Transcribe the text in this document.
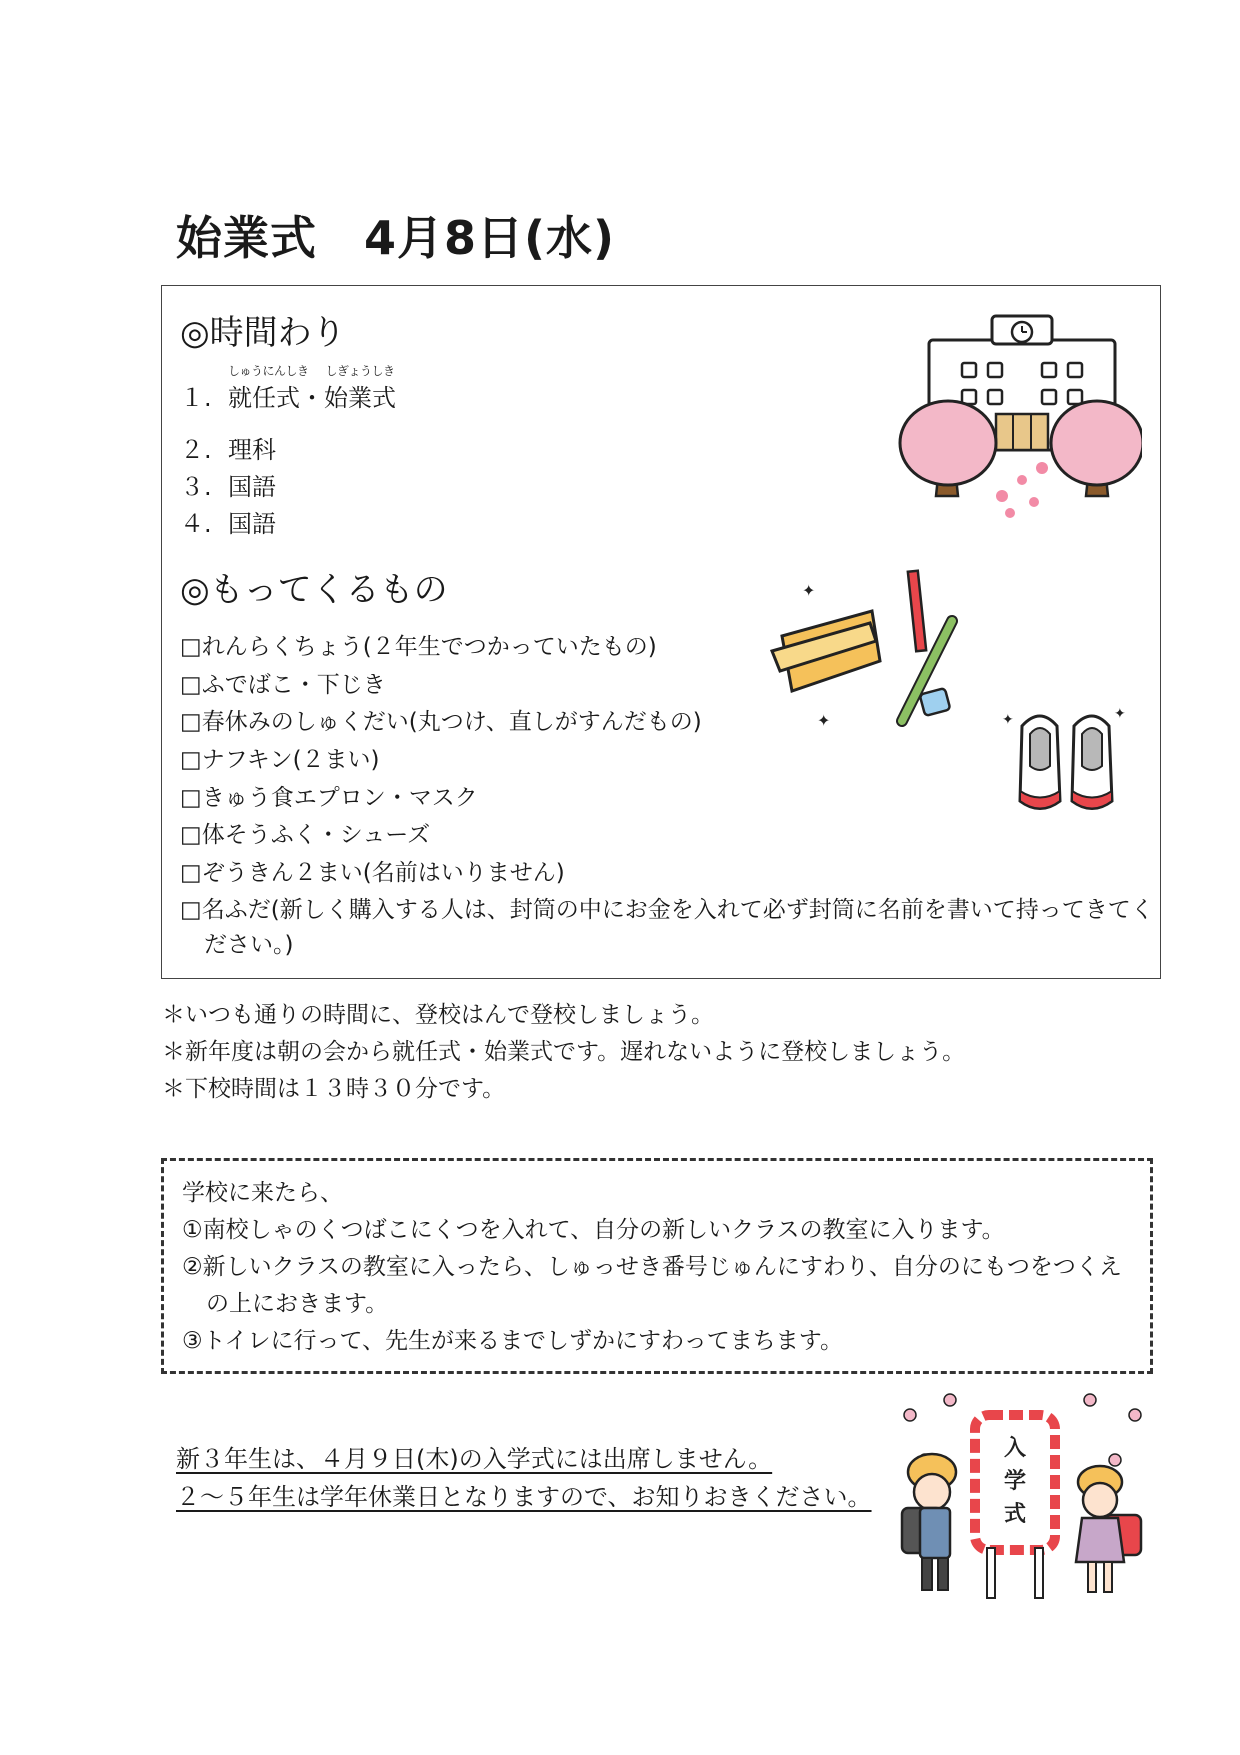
始業式　4月8日(水)
◎時間わり
１.
しゅうにんしき
就任式・
しぎょうしき
始業式
２. 理科
３. 国語
４. 国語
◎もってくるもの
□れんらくちょう(２年生でつかっていたもの)
□ふでばこ・下じき
□春休みのしゅくだい(丸つけ、直しがすんだもの)
□ナフキン(２まい)
□きゅう食エプロン・マスク
□体そうふく・シューズ
□ぞうきん２まい(名前はいりません)
□名ふだ(新しく購入する人は、封筒の中にお金を入れて必ず封筒に名前を書いて持ってきてください。)
✦
✦	✦	✦
＊いつも通りの時間に、登校はんで登校しましょう。
＊新年度は朝の会から就任式・始業式です。遅れないように登校しましょう。
＊下校時間は１３時３０分です。
学校に来たら、
①南校しゃのくつばこにくつを入れて、自分の新しいクラスの教室に入ります。
②新しいクラスの教室に入ったら、しゅっせき番号じゅんにすわり、自分のにもつをつくえの上におきます。
③トイレに行って、先生が来るまでしずかにすわってまちます。
新３年生は、４月９日(木)の入学式には出席しません。
２～５年生は学年休業日となりますので、お知りおきください。
入
学
式
